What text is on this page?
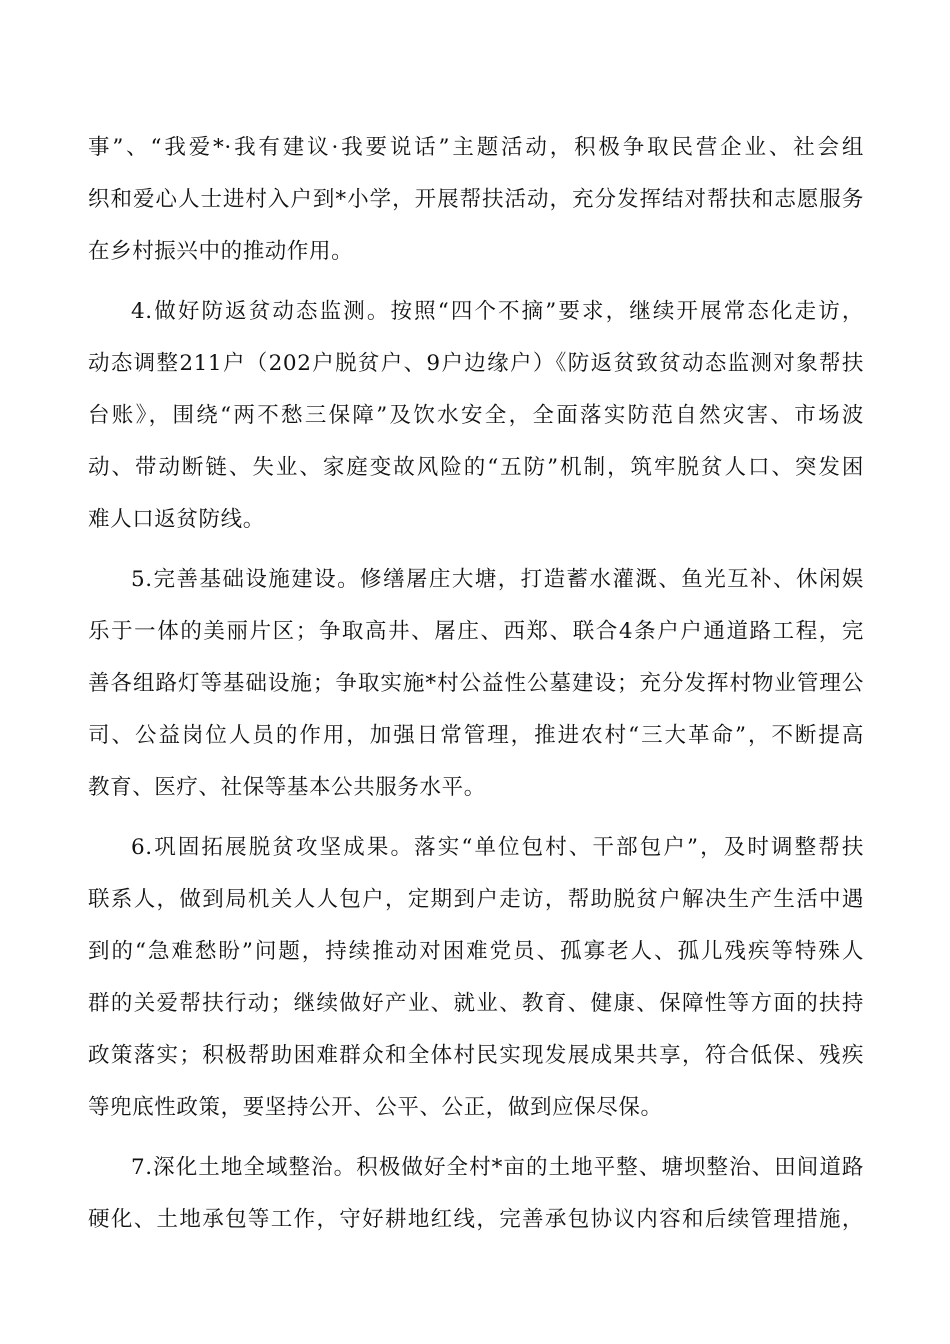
事”、“我爱*·我有建议·我要说话”主题活动，积极争取民营企业、社会组
织和爱心人士进村入户到*小学，开展帮扶活动，充分发挥结对帮扶和志愿服务
在乡村振兴中的推动作用。
4.做好防返贫动态监测。按照“四个不摘”要求，继续开展常态化走访，
动态调整211户（202户脱贫户、9户边缘户）《防返贫致贫动态监测对象帮扶
台账》，围绕“两不愁三保障”及饮水安全，全面落实防范自然灾害、市场波
动、带动断链、失业、家庭变故风险的“五防”机制，筑牢脱贫人口、突发困
难人口返贫防线。
5.完善基础设施建设。修缮屠庄大塘，打造蓄水灌溉、鱼光互补、休闲娱
乐于一体的美丽片区；争取高井、屠庄、西郑、联合4条户户通道路工程，完
善各组路灯等基础设施；争取实施*村公益性公墓建设；充分发挥村物业管理公
司、公益岗位人员的作用，加强日常管理，推进农村“三大革命”，不断提高
教育、医疗、社保等基本公共服务水平。
6.巩固拓展脱贫攻坚成果。落实“单位包村、干部包户”，及时调整帮扶
联系人，做到局机关人人包户，定期到户走访，帮助脱贫户解决生产生活中遇
到的“急难愁盼”问题，持续推动对困难党员、孤寡老人、孤儿残疾等特殊人
群的关爱帮扶行动；继续做好产业、就业、教育、健康、保障性等方面的扶持
政策落实；积极帮助困难群众和全体村民实现发展成果共享，符合低保、残疾
等兜底性政策，要坚持公开、公平、公正，做到应保尽保。
7.深化土地全域整治。积极做好全村*亩的土地平整、塘坝整治、田间道路
硬化、土地承包等工作，守好耕地红线，完善承包协议内容和后续管理措施，
